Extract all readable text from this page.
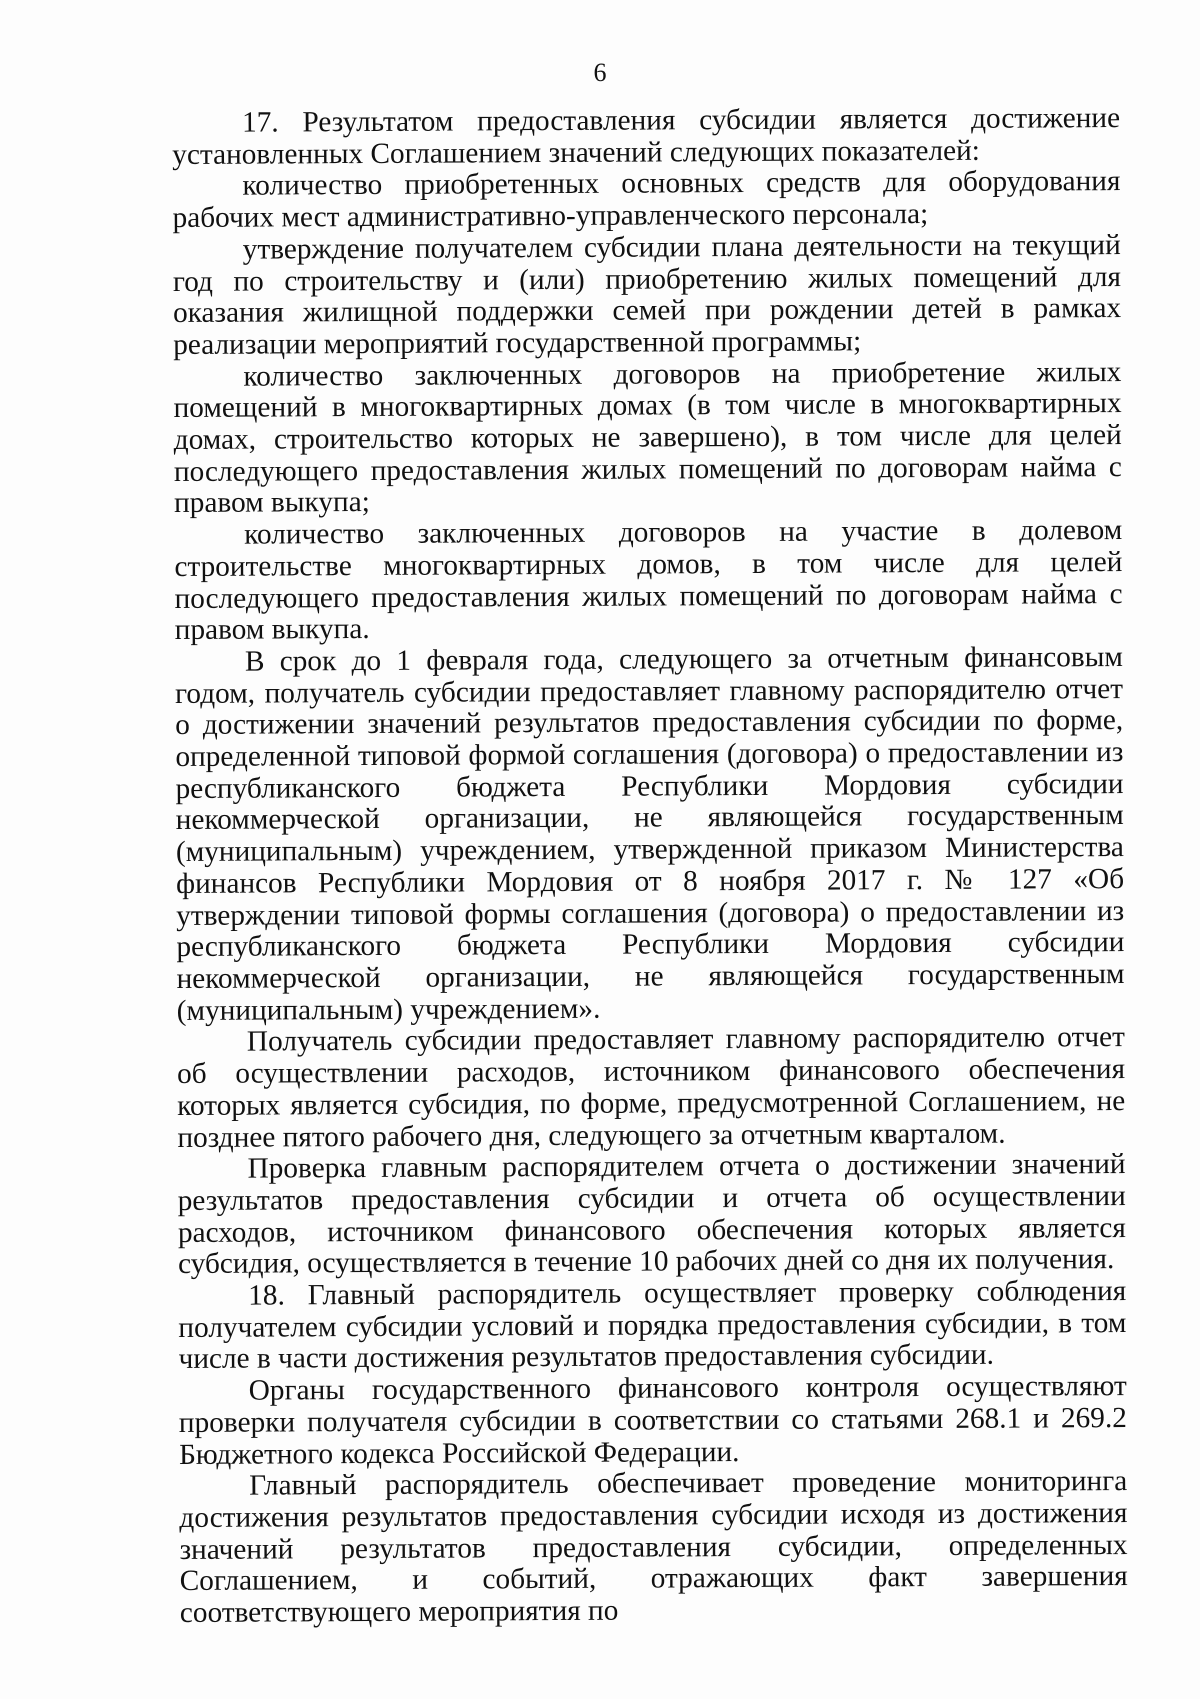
6

17. Результатом предоставления субсидии является достижение установленных Соглашением значений следующих показателей:

количество приобретенных основных средств для оборудования рабочих мест административно-управленческого персонала;

утверждение получателем субсидии плана деятельности на текущий год по строительству и (или) приобретению жилых помещений для оказания жилищной поддержки семей при рождении детей в рамках реализации мероприятий государственной программы;

количество заключенных договоров на приобретение жилых помещений в многоквартирных домах (в том числе в многоквартирных домах, строительство которых не завершено), в том числе для целей последующего предоставления жилых помещений по договорам найма с правом выкупа;

количество заключенных договоров на участие в долевом строительстве многоквартирных домов, в том числе для целей последующего предоставления жилых помещений по договорам найма с правом выкупа.

В срок до 1 февраля года, следующего за отчетным финансовым годом, получатель субсидии предоставляет главному распорядителю отчет о достижении значений результатов предоставления субсидии по форме, определенной типовой формой соглашения (договора) о предоставлении из республиканского бюджета Республики Мордовия субсидии некоммерческой организации, не являющейся государственным (муниципальным) учреждением, утвержденной приказом Министерства финансов Республики Мордовия от 8 ноября 2017 г. № 127 «Об утверждении типовой формы соглашения (договора) о предоставлении из республиканского бюджета Республики Мордовия субсидии некоммерческой организации, не являющейся государственным (муниципальным) учреждением».

Получатель субсидии предоставляет главному распорядителю отчет об осуществлении расходов, источником финансового обеспечения которых является субсидия, по форме, предусмотренной Соглашением, не позднее пятого рабочего дня, следующего за отчетным кварталом.

Проверка главным распорядителем отчета о достижении значений результатов предоставления субсидии и отчета об осуществлении расходов, источником финансового обеспечения которых является субсидия, осуществляется в течение 10 рабочих дней со дня их получения.

18. Главный распорядитель осуществляет проверку соблюдения получателем субсидии условий и порядка предоставления субсидии, в том числе в части достижения результатов предоставления субсидии.

Органы государственного финансового контроля осуществляют проверки получателя субсидии в соответствии со статьями 268.1 и 269.2 Бюджетного кодекса Российской Федерации.

Главный распорядитель обеспечивает проведение мониторинга достижения результатов предоставления субсидии исходя из достижения значений результатов предоставления субсидии, определенных Соглашением, и событий, отражающих факт завершения соответствующего мероприятия по
